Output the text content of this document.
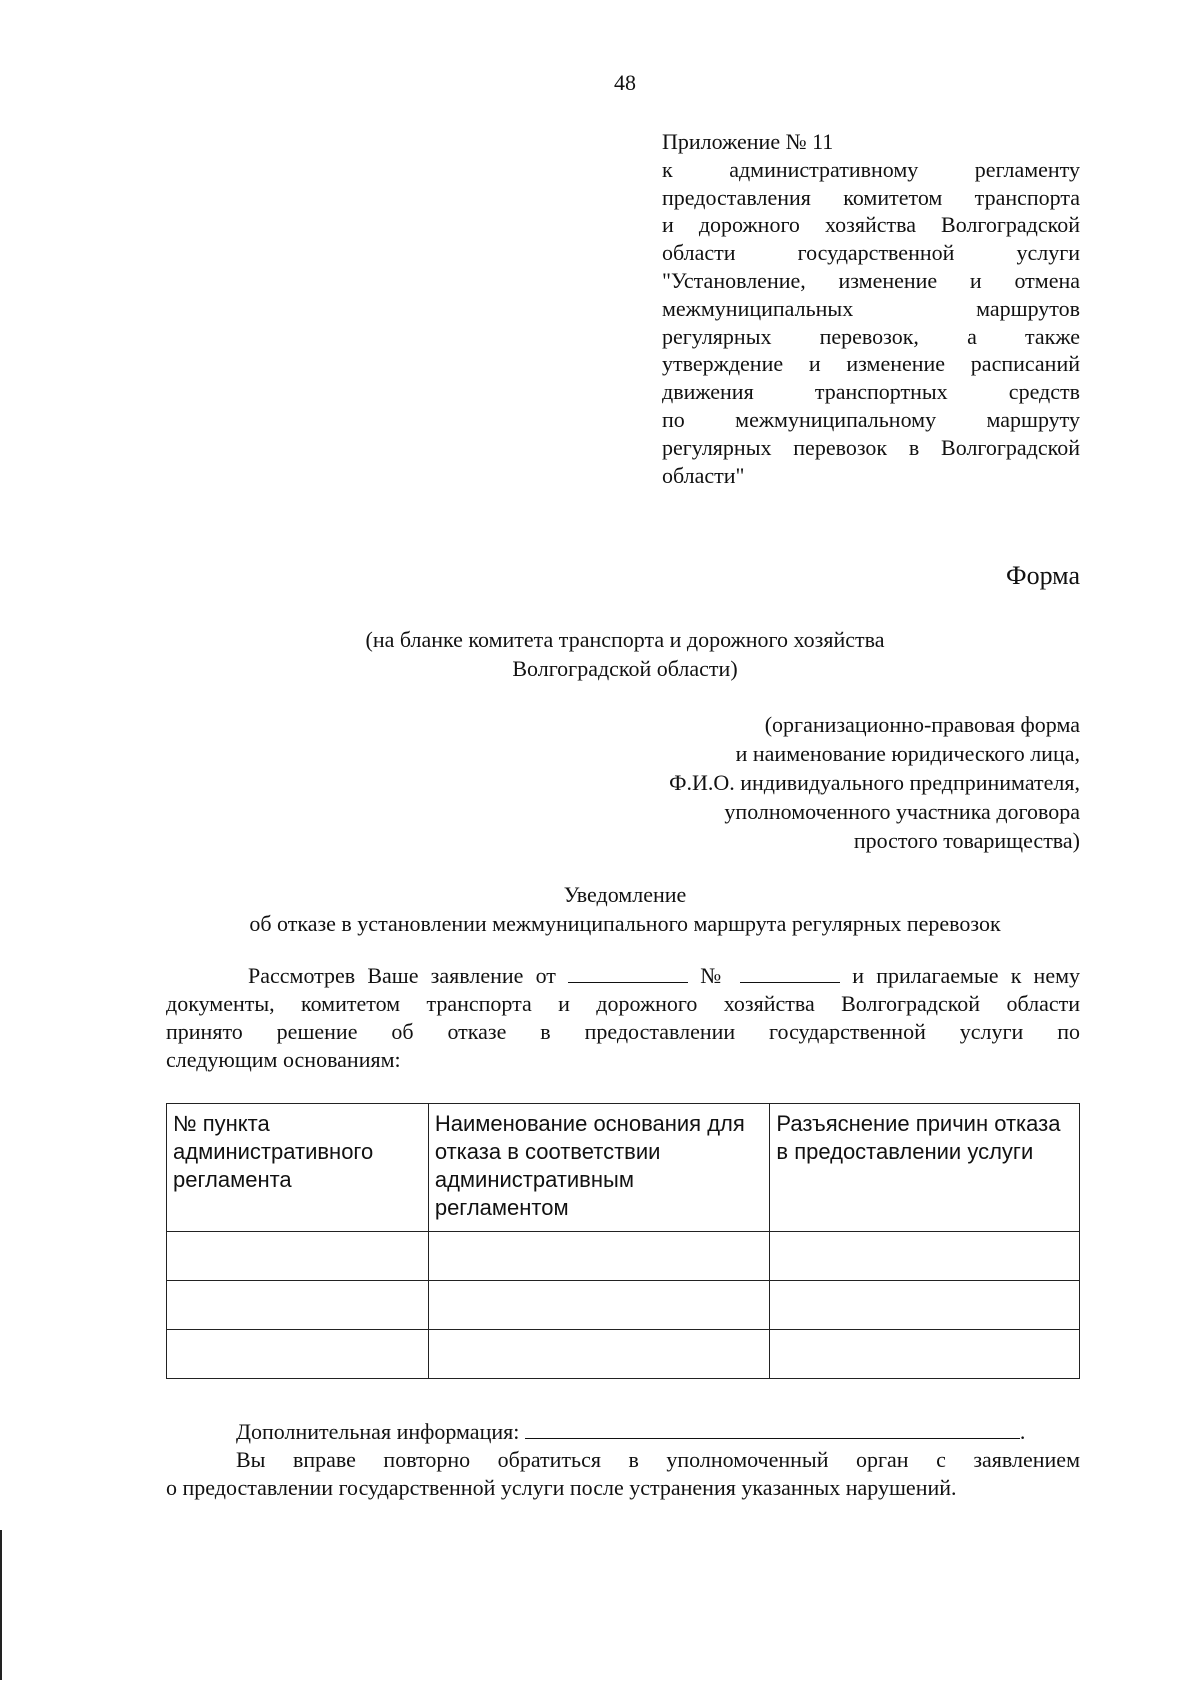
48
Приложение № 11
к административному регламенту
предоставления комитетом транспорта
и дорожного хозяйства Волгоградской
области государственной услуги
"Установление, изменение и отмена
межмуниципальных маршрутов
регулярных перевозок, а также
утверждение и изменение расписаний
движения транспортных средств
по межмуниципальному маршруту
регулярных перевозок в Волгоградской
области"
Форма
(на бланке комитета транспорта и дорожного хозяйства
Волгоградской области)
(организационно-правовая форма
и наименование юридического лица,
Ф.И.О. индивидуального предпринимателя,
уполномоченного участника договора
простого товарищества)
Уведомление
об отказе в установлении межмуниципального маршрута регулярных перевозок
Рассмотрев Ваше заявление от	№	и прилагаемые к нему
документы, комитетом транспорта и дорожного хозяйства Волгоградской области
принято решение об отказе в предоставлении государственной услуги по
следующим основаниям:
№ пункта административного регламента	Наименование основания для отказа в соответствии административным регламентом	Разъяснение причин отказа в предоставлении услуги

Дополнительная информация:	.
Вы вправе повторно обратиться в уполномоченный орган с заявлением
о предоставлении государственной услуги после устранения указанных нарушений.
